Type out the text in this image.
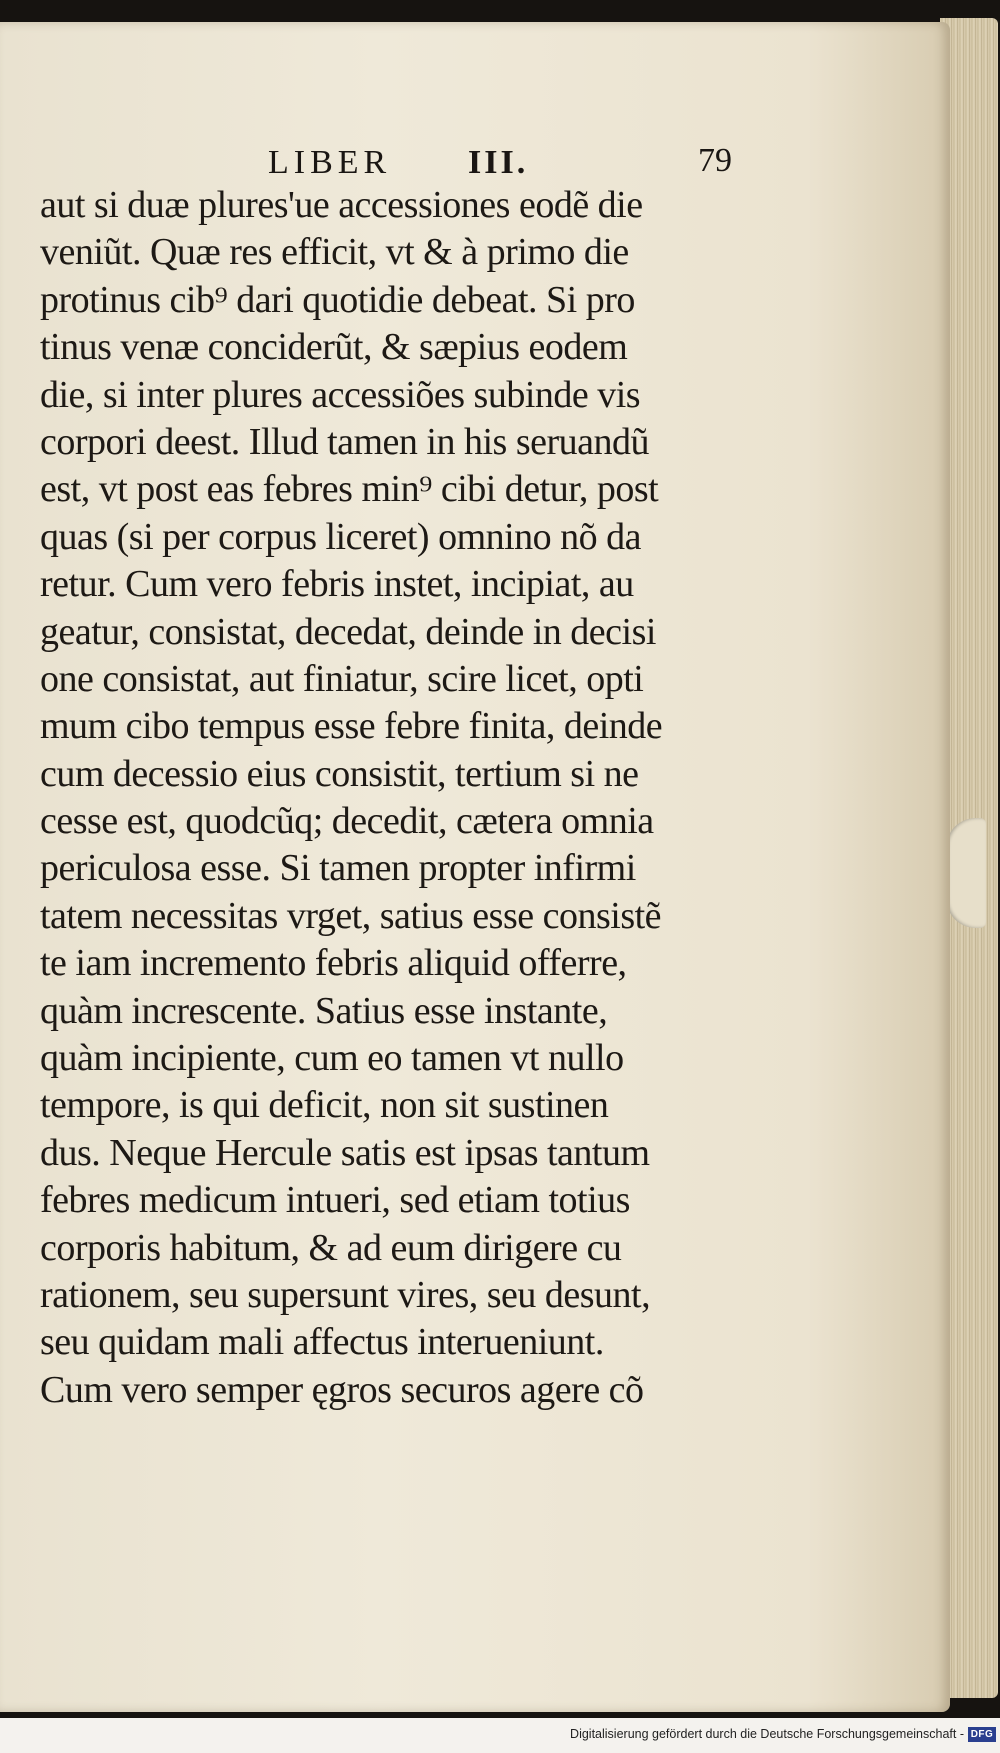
LIBER III.	79
aut si duæ plures'ue accessiones eodẽ die
veniũt. Quæ res efficit, vt & à primo die
protinus cib⁹ dari quotidie debeat. Si pro
tinus venæ conciderũt, & sæpius eodem
die, si inter plures accessiões subinde vis
corpori deest. Illud tamen in his seruandũ
est, vt post eas febres min⁹ cibi detur, post
quas (si per corpus liceret) omnino nõ da
retur. Cum vero febris instet, incipiat, au
geatur, consistat, decedat, deinde in decisi
one consistat, aut finiatur, scire licet, opti
mum cibo tempus esse febre finita, deinde
cum decessio eius consistit, tertium si ne
cesse est, quodcũq; decedit, cætera omnia
periculosa esse. Si tamen propter infirmi
tatem necessitas vrget, satius esse consistẽ
te iam incremento febris aliquid offerre,
quàm increscente. Satius esse instante,
quàm incipiente, cum eo tamen vt nullo
tempore, is qui deficit, non sit sustinen
dus. Neque Hercule satis est ipsas tantum
febres medicum intueri, sed etiam totius
corporis habitum, & ad eum dirigere cu
rationem, seu supersunt vires, seu desunt,
seu quidam mali affectus interueniunt.
Cum vero semper ęgros securos agere cõ
Digitalisierung gefördert durch die Deutsche Forschungsgemeinschaft - DFG
